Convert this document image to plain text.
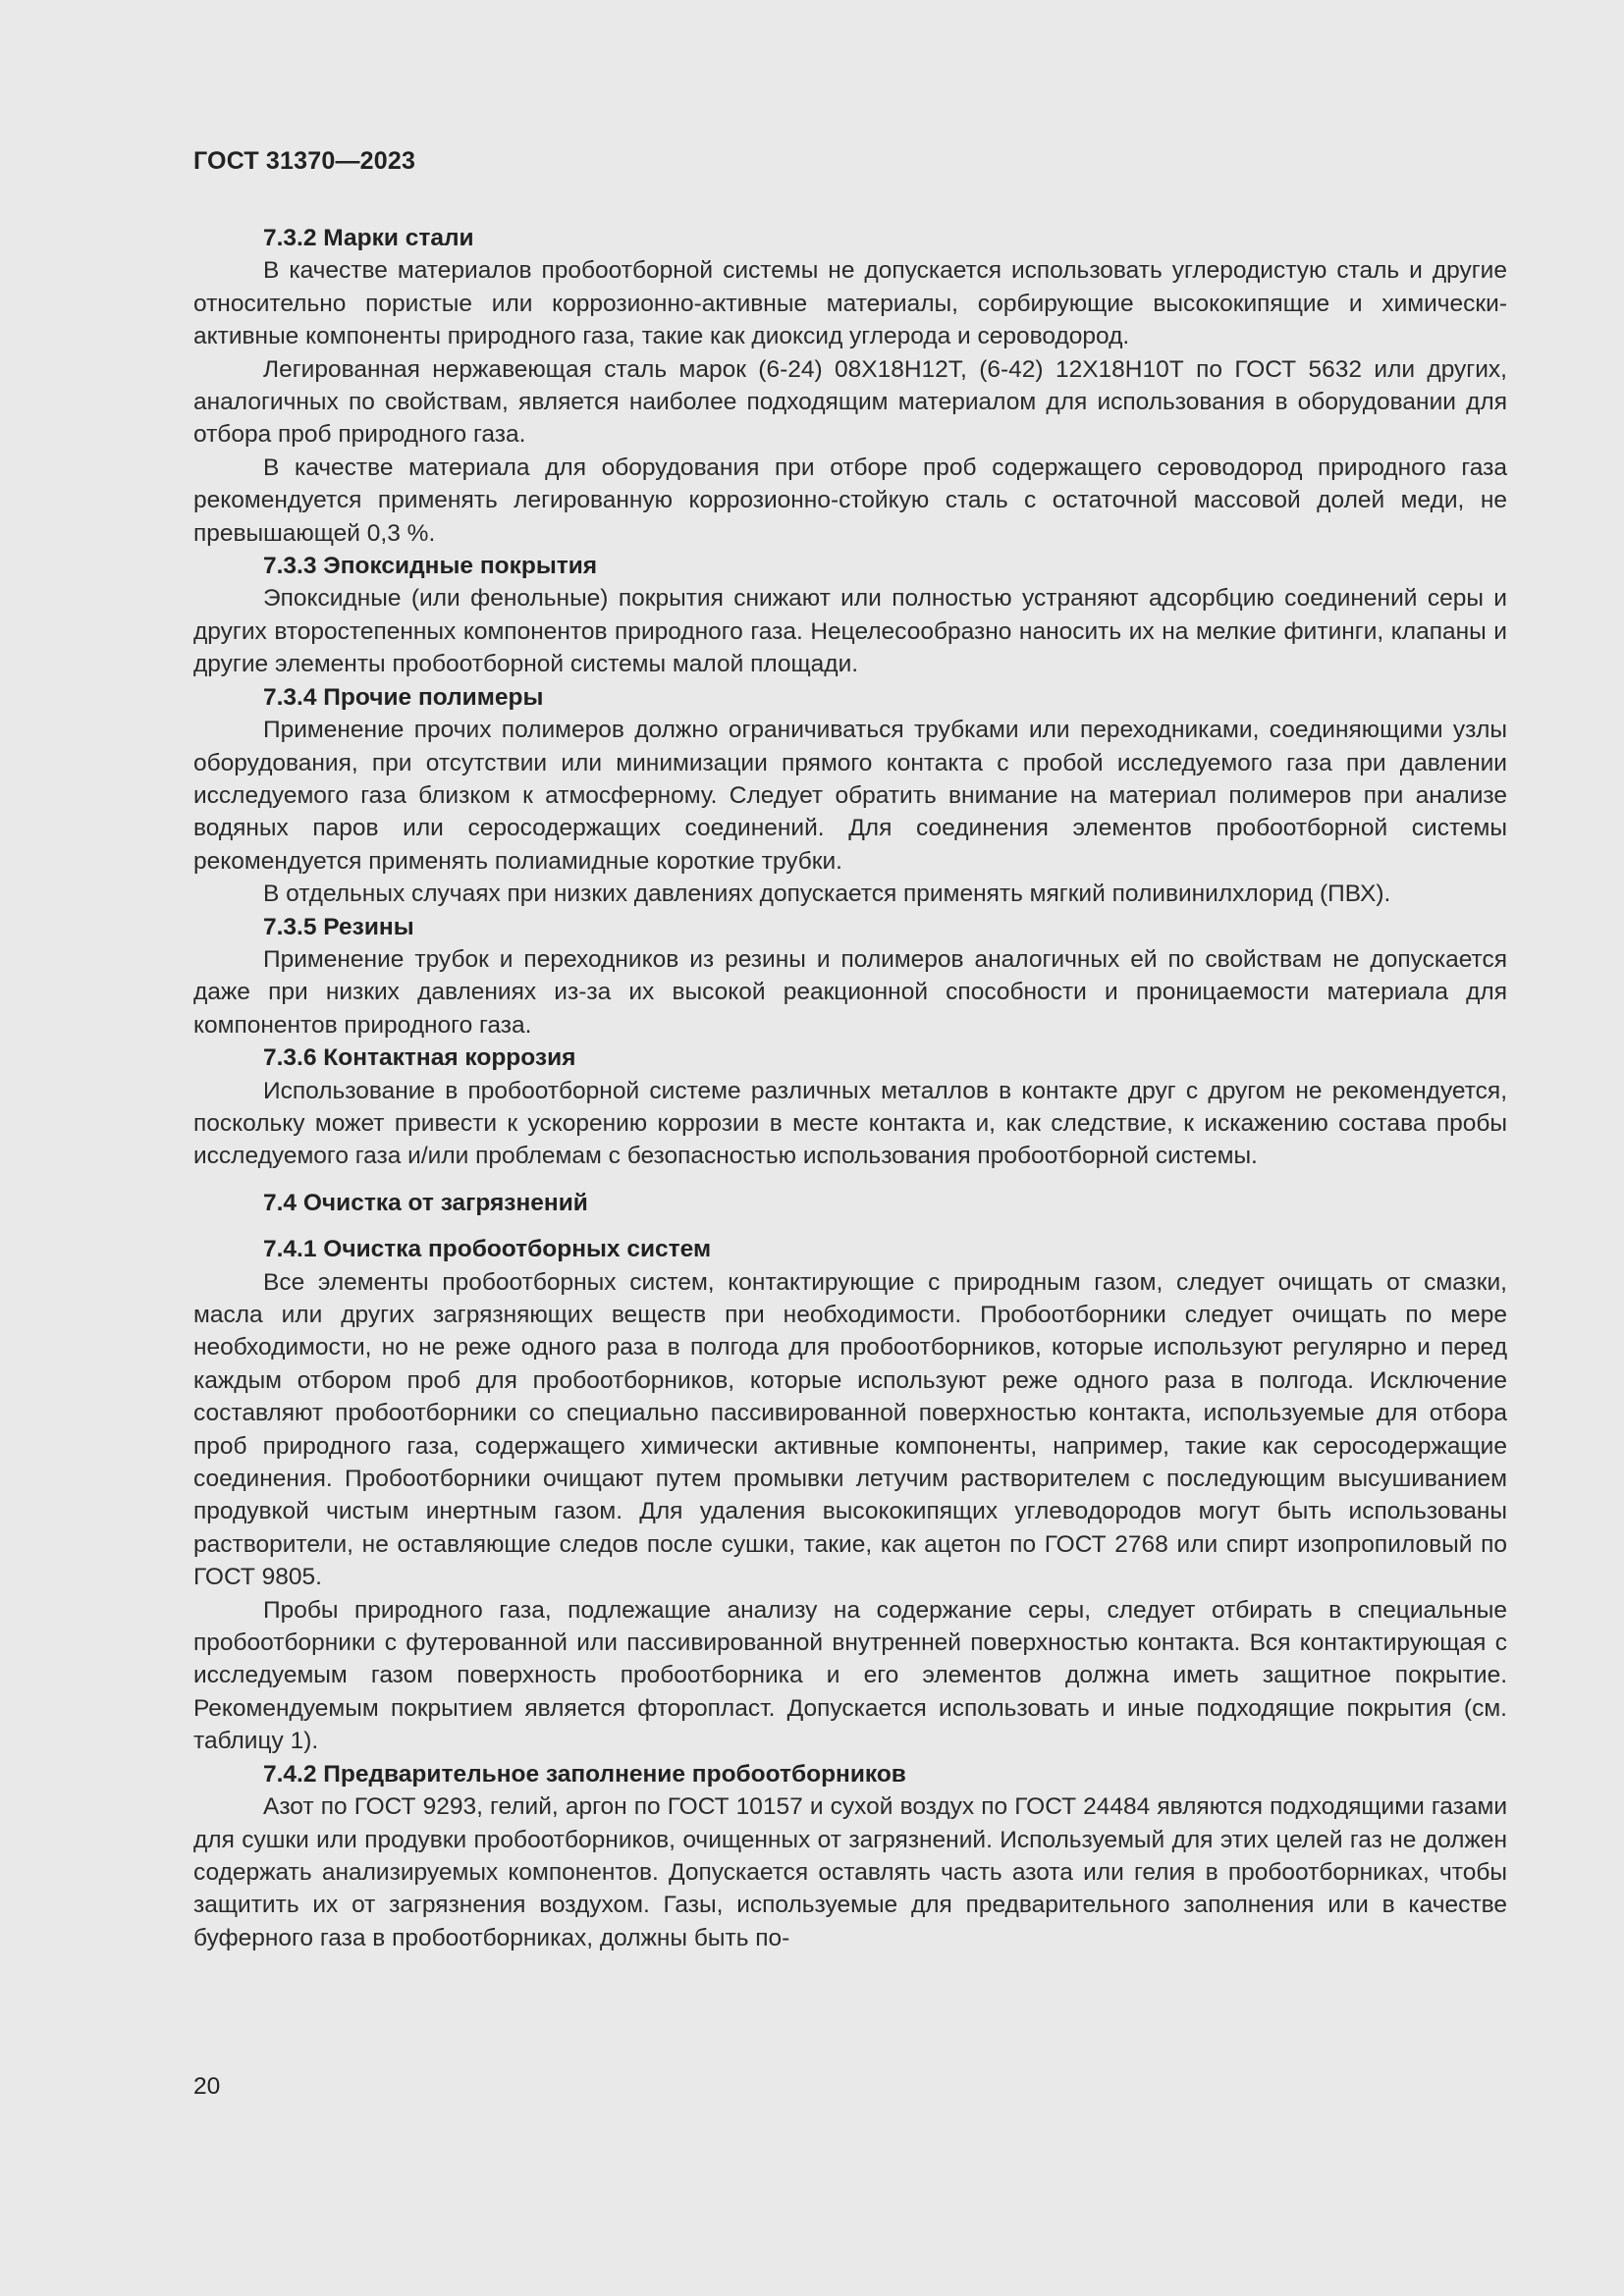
ГОСТ 31370—2023
7.3.2 Марки стали

В качестве материалов пробоотборной системы не допускается использовать углеродистую сталь и другие относительно пористые или коррозионно-активные материалы, сорбирующие высококипящие и химически-активные компоненты природного газа, такие как диоксид углерода и сероводород.

Легированная нержавеющая сталь марок (6-24) 08Х18Н12Т, (6-42) 12Х18Н10Т по ГОСТ 5632 или других, аналогичных по свойствам, является наиболее подходящим материалом для использования в оборудовании для отбора проб природного газа.

В качестве материала для оборудования при отборе проб содержащего сероводород природного газа рекомендуется применять легированную коррозионно-стойкую сталь с остаточной массовой долей меди, не превышающей 0,3 %.

7.3.3 Эпоксидные покрытия

Эпоксидные (или фенольные) покрытия снижают или полностью устраняют адсорбцию соединений серы и других второстепенных компонентов природного газа. Нецелесообразно наносить их на мелкие фитинги, клапаны и другие элементы пробоотборной системы малой площади.

7.3.4 Прочие полимеры

Применение прочих полимеров должно ограничиваться трубками или переходниками, соединяющими узлы оборудования, при отсутствии или минимизации прямого контакта с пробой исследуемого газа при давлении исследуемого газа близком к атмосферному. Следует обратить внимание на материал полимеров при анализе водяных паров или серосодержащих соединений. Для соединения элементов пробоотборной системы рекомендуется применять полиамидные короткие трубки.

В отдельных случаях при низких давлениях допускается применять мягкий поливинилхлорид (ПВХ).

7.3.5 Резины

Применение трубок и переходников из резины и полимеров аналогичных ей по свойствам не допускается даже при низких давлениях из-за их высокой реакционной способности и проницаемости материала для компонентов природного газа.

7.3.6 Контактная коррозия

Использование в пробоотборной системе различных металлов в контакте друг с другом не рекомендуется, поскольку может привести к ускорению коррозии в месте контакта и, как следствие, к искажению состава пробы исследуемого газа и/или проблемам с безопасностью использования пробоотборной системы.

7.4 Очистка от загрязнений
7.4.1 Очистка пробоотборных систем

Все элементы пробоотборных систем, контактирующие с природным газом, следует очищать от смазки, масла или других загрязняющих веществ при необходимости. Пробоотборники следует очищать по мере необходимости, но не реже одного раза в полгода для пробоотборников, которые используют регулярно и перед каждым отбором проб для пробоотборников, которые используют реже одного раза в полгода. Исключение составляют пробоотборники со специально пассивированной поверхностью контакта, используемые для отбора проб природного газа, содержащего химически активные компоненты, например, такие как серосодержащие соединения. Пробоотборники очищают путем промывки летучим растворителем с последующим высушиванием продувкой чистым инертным газом. Для удаления высококипящих углеводородов могут быть использованы растворители, не оставляющие следов после сушки, такие, как ацетон по ГОСТ 2768 или спирт изопропиловый по ГОСТ 9805.

Пробы природного газа, подлежащие анализу на содержание серы, следует отбирать в специальные пробоотборники с футерованной или пассивированной внутренней поверхностью контакта. Вся контактирующая с исследуемым газом поверхность пробоотборника и его элементов должна иметь защитное покрытие. Рекомендуемым покрытием является фторопласт. Допускается использовать и иные подходящие покрытия (см. таблицу 1).

7.4.2 Предварительное заполнение пробоотборников

Азот по ГОСТ 9293, гелий, аргон по ГОСТ 10157 и сухой воздух по ГОСТ 24484 являются подходящими газами для сушки или продувки пробоотборников, очищенных от загрязнений. Используемый для этих целей газ не должен содержать анализируемых компонентов. Допускается оставлять часть азота или гелия в пробоотборниках, чтобы защитить их от загрязнения воздухом. Газы, используемые для предварительного заполнения или в качестве буферного газа в пробоотборниках, должны быть по-

20
